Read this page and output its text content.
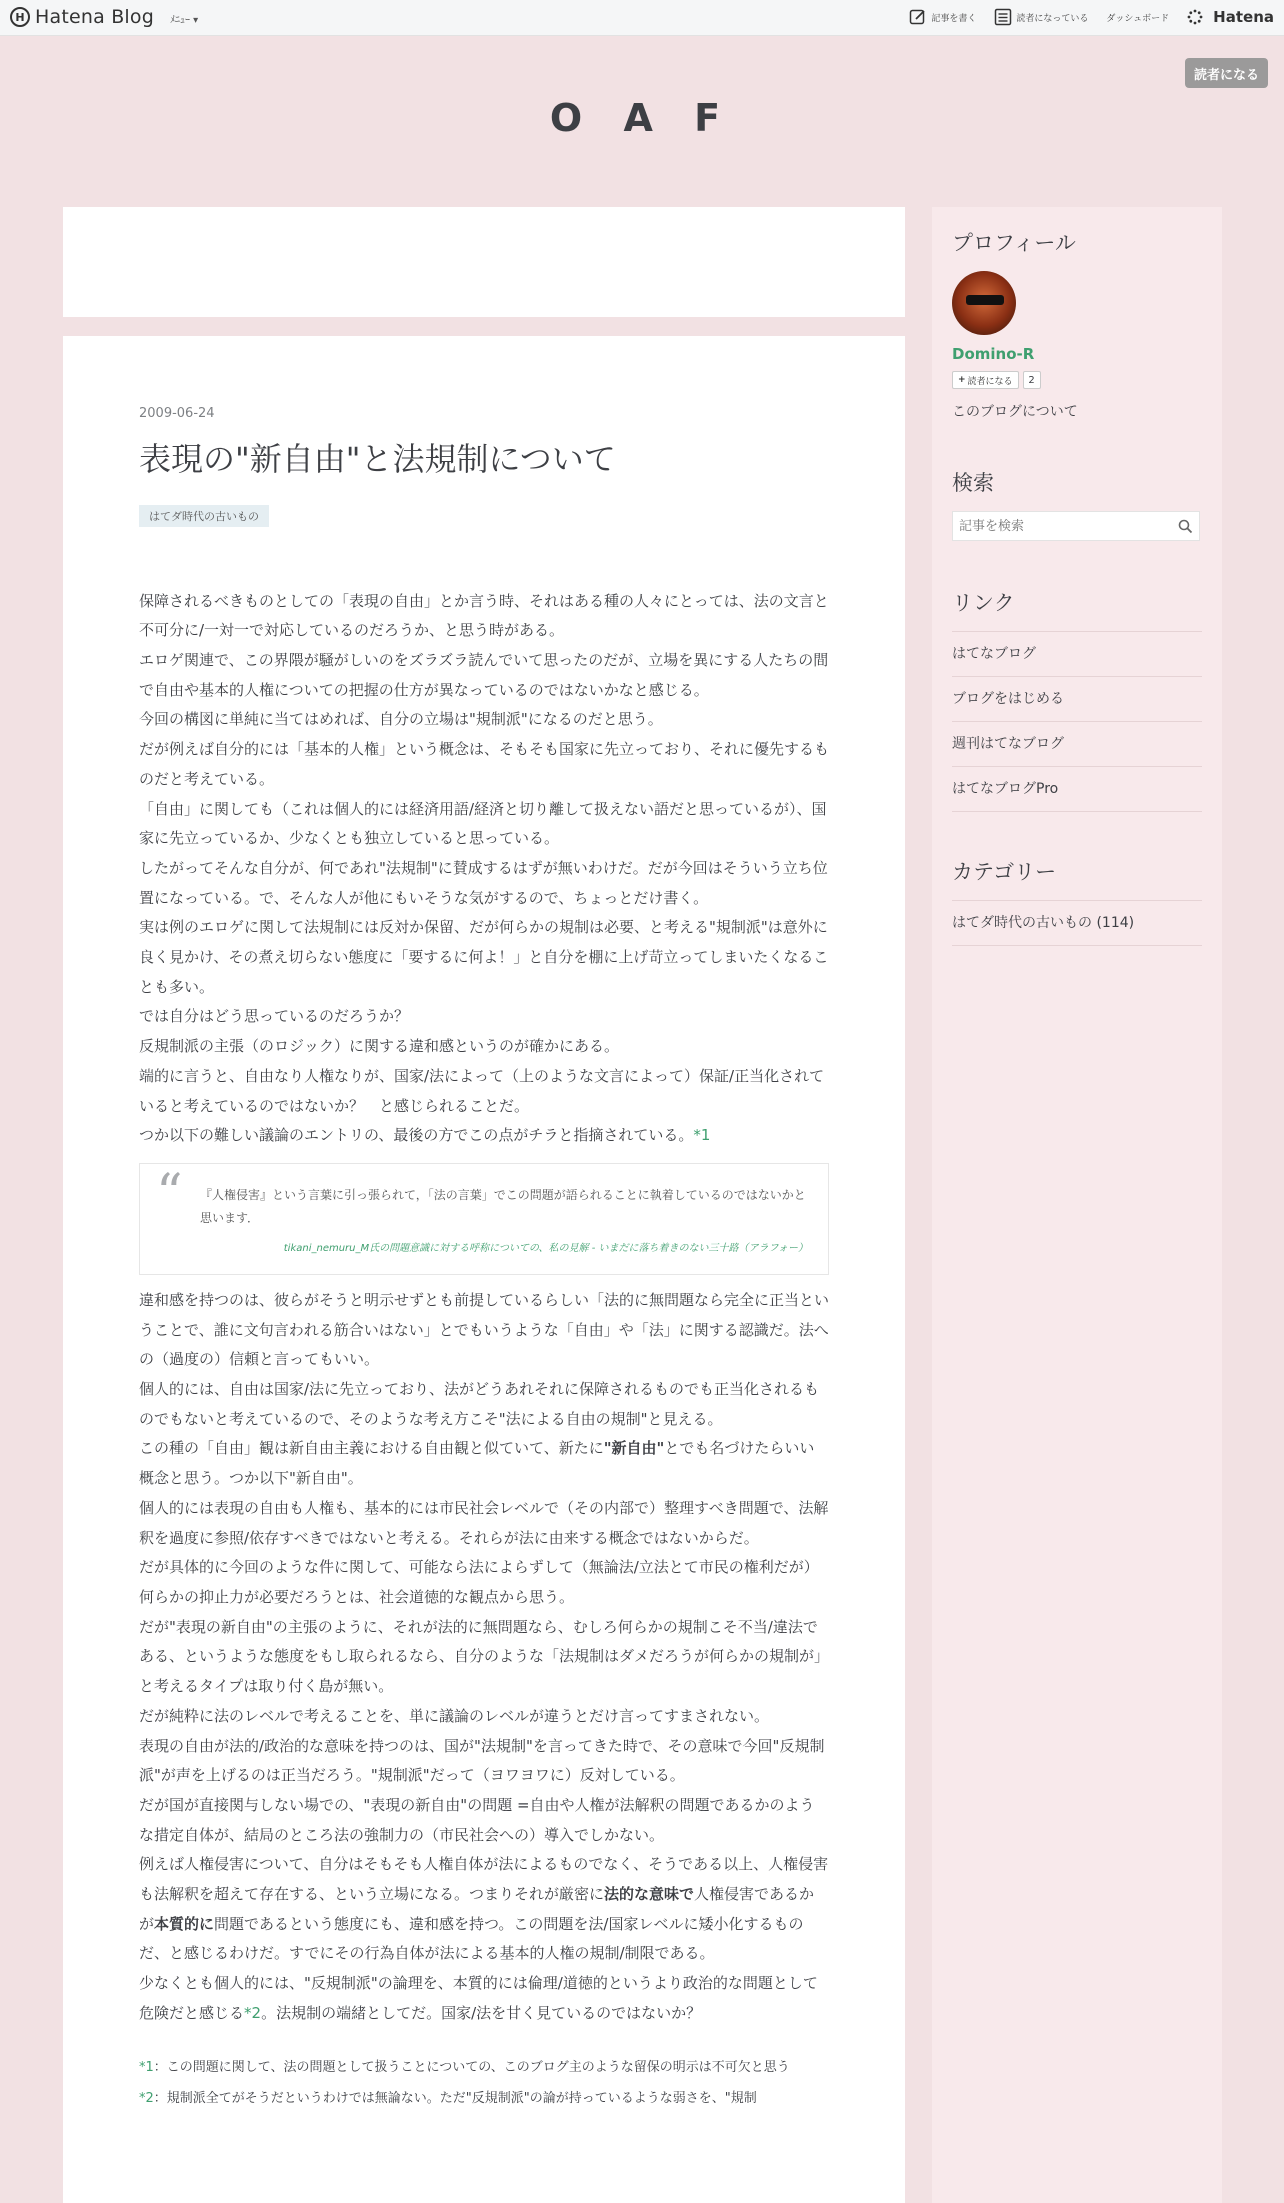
H Hatena Blog ﾒﾆｭｰ ▾	記事を書く	読者になっている ダッシュボード	Hatena
読者になる
O A F
2009-06-24
表現の"新自由"と法規制について
はてダ時代の古いもの

保障されるべきものとしての「表現の自由」とか言う時、それはある種の人々にとっては、法の文言と不可分に/一対一で対応しているのだろうか、と思う時がある。

エロゲ関連で、この界隈が騒がしいのをズラズラ読んでいて思ったのだが、立場を異にする人たちの間で自由や基本的人権についての把握の仕方が異なっているのではないかなと感じる。

今回の構図に単純に当てはめれば、自分の立場は"規制派"になるのだと思う。

だが例えば自分的には「基本的人権」という概念は、そもそも国家に先立っており、それに優先するものだと考えている。

「自由」に関しても（これは個人的には経済用語/経済と切り離して扱えない語だと思っているが）、国家に先立っているか、少なくとも独立していると思っている。

したがってそんな自分が、何であれ"法規制"に賛成するはずが無いわけだ。だが今回はそういう立ち位置になっている。で、そんな人が他にもいそうな気がするので、ちょっとだけ書く。

実は例のエロゲに関して法規制には反対か保留、だが何らかの規制は必要、と考える"規制派"は意外に良く見かけ、その煮え切らない態度に「要するに何よ！」と自分を棚に上げ苛立ってしまいたくなることも多い。

では自分はどう思っているのだろうか？

反規制派の主張（のロジック）に関する違和感というのが確かにある。

端的に言うと、自由なり人権なりが、国家/法によって（上のような文言によって）保証/正当化されていると考えているのではないか？　と感じられることだ。

つか以下の難しい議論のエントリの、最後の方でこの点がチラと指摘されている。*1

“ 『人権侵害』という言葉に引っ張られて，「法の言葉」でこの問題が語られることに執着しているのではないかと思います．
tikani_nemuru_M氏の問題意識に対する呼称についての、私の見解 - いまだに落ち着きのない三十路（アラフォー）

違和感を持つのは、彼らがそうと明示せずとも前提しているらしい「法的に無問題なら完全に正当ということで、誰に文句言われる筋合いはない」とでもいうような「自由」や「法」に関する認識だ。法への（過度の）信頼と言ってもいい。

個人的には、自由は国家/法に先立っており、法がどうあれそれに保障されるものでも正当化されるものでもないと考えているので、そのような考え方こそ"法による自由の規制"と見える。

この種の「自由」観は新自由主義における自由観と似ていて、新たに"新自由"とでも名づけたらいい概念と思う。つか以下"新自由"。

個人的には表現の自由も人権も、基本的には市民社会レベルで（その内部で）整理すべき問題で、法解釈を過度に参照/依存すべきではないと考える。それらが法に由来する概念ではないからだ。

だが具体的に今回のような件に関して、可能なら法によらずして（無論法/立法とて市民の権利だが）何らかの抑止力が必要だろうとは、社会道徳的な観点から思う。

だが"表現の新自由"の主張のように、それが法的に無問題なら、むしろ何らかの規制こそ不当/違法である、というような態度をもし取られるなら、自分のような「法規制はダメだろうが何らかの規制が」と考えるタイプは取り付く島が無い。

だが純粋に法のレベルで考えることを、単に議論のレベルが違うとだけ言ってすまされない。

表現の自由が法的/政治的な意味を持つのは、国が"法規制"を言ってきた時で、その意味で今回"反規制派"が声を上げるのは正当だろう。"規制派"だって（ヨワヨワに）反対している。

だが国が直接関与しない場での、"表現の新自由"の問題 =自由や人権が法解釈の問題であるかのような措定自体が、結局のところ法の強制力の（市民社会への）導入でしかない。

例えば人権侵害について、自分はそもそも人権自体が法によるものでなく、そうである以上、人権侵害も法解釈を超えて存在する、という立場になる。つまりそれが厳密に法的な意味で人権侵害であるかが本質的に問題であるという態度にも、違和感を持つ。この問題を法/国家レベルに矮小化するものだ、と感じるわけだ。すでにその行為自体が法による基本的人権の規制/制限である。

少なくとも個人的には、"反規制派"の論理を、本質的には倫理/道徳的というより政治的な問題として危険だと感じる*2。法規制の端緒としてだ。国家/法を甘く見ているのではないか？

*1：この問題に関して、法の問題として扱うことについての、このブログ主のような留保の明示は不可欠と思う

*2：規制派全てがそうだというわけでは無論ない。ただ"反規制派"の論が持っているような弱さを、"規制

プロフィール
Domino-R
+ 読者になる	2
このブログについて
検索
記事を検索
リンク
はてなブログ
ブログをはじめる
週刊はてなブログ
はてなブログPro
カテゴリー
はてダ時代の古いもの (114)
